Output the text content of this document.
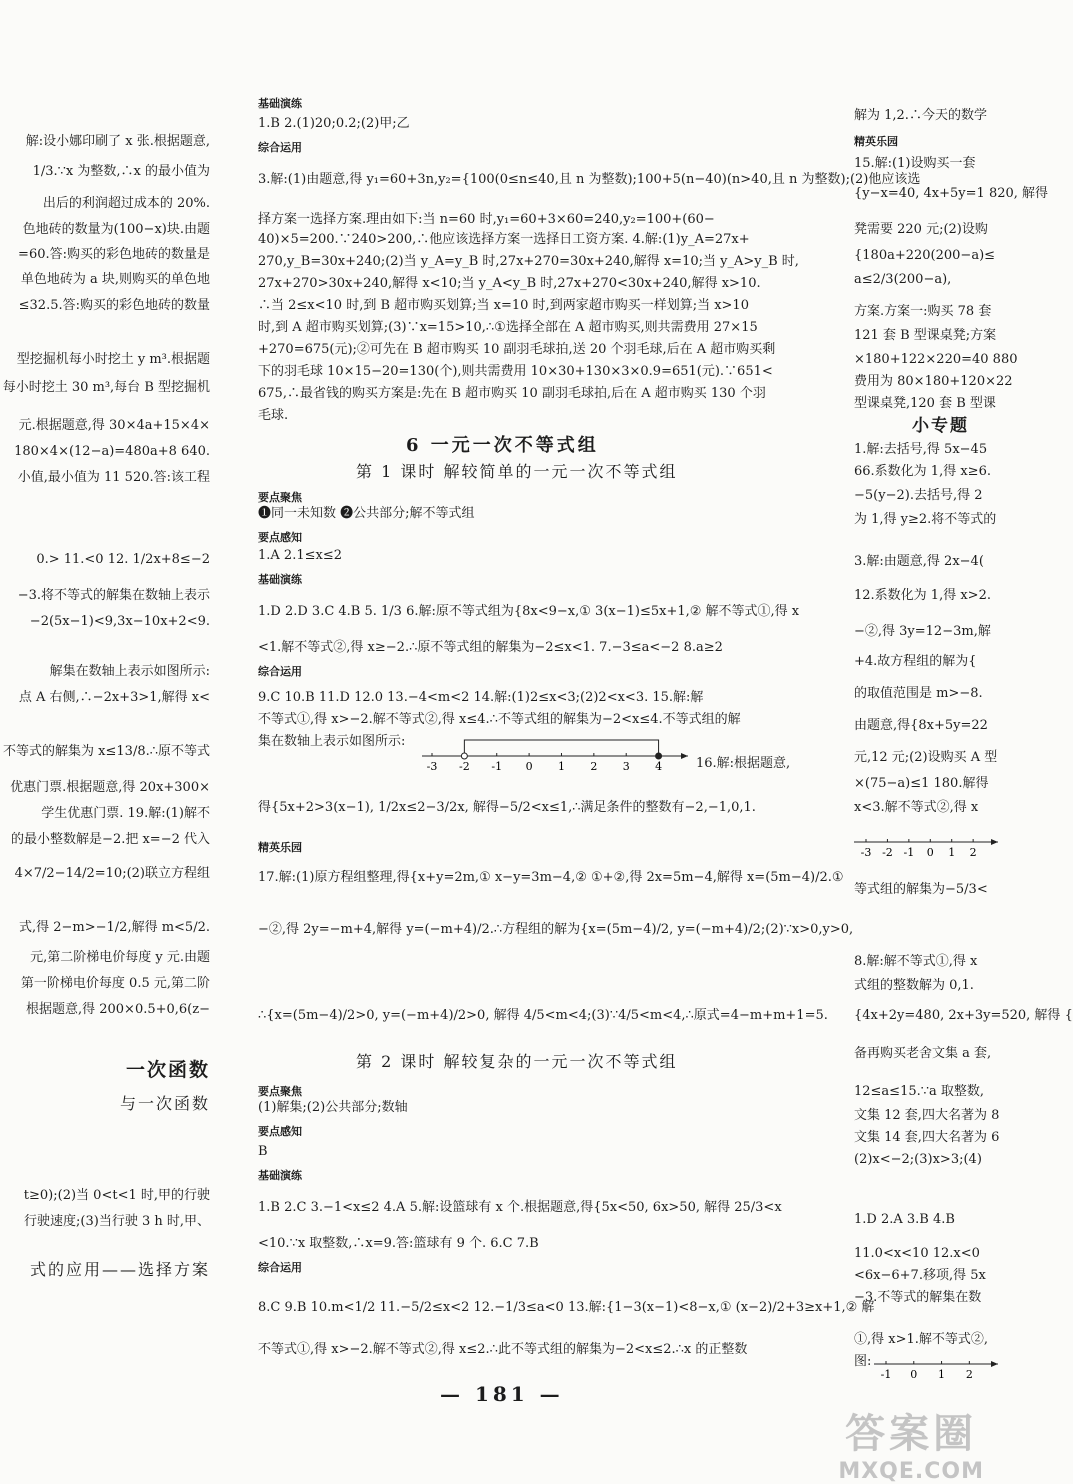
解:设小娜印刷了 x 张.根据题意,
1/3.∵x 为整数,∴x 的最小值为
出后的利润超过成本的 20%.
色地砖的数量为(100−x)块.由题
=60.答:购买的彩色地砖的数量是
单色地砖为 a 块,则购买的单色地
≤32.5.答:购买的彩色地砖的数量
型挖掘机每小时挖土 y m³.根据题
每小时挖土 30 m³,每台 B 型挖掘机
元.根据题意,得 30×4a+15×4×
180×4×(12−a)=480a+8 640.
小值,最小值为 11 520.答:该工程
0.> 11.<0 12. 1/2x+8≤−2
−3.将不等式的解集在数轴上表示
−2(5x−1)<9,3x−10x+2<9.
解集在数轴上表示如图所示:
点 A 右侧,∴−2x+3>1,解得 x<
不等式的解集为 x≤13/8.∴原不等式
优惠门票.根据题意,得 20x+300×
学生优惠门票. 19.解:(1)解不
的最小整数解是−2.把 x=−2 代入
4×7/2−14/2=10;(2)联立方程组
式,得 2−m>−1/2,解得 m<5/2.
元,第二阶梯电价每度 y 元.由题
第一阶梯电价每度 0.5 元,第二阶
根据题意,得 200×0.5+0,6(z−
一次函数
与一次函数
t≥0);(2)当 0<t<1 时,甲的行驶
行驶速度;(3)当行驶 3 h 时,甲、
式的应用——选择方案
基础演练
1.B 2.(1)20;0.2;(2)甲;乙
综合运用
3.解:(1)由题意,得 y₁=60+3n,y₂={100(0≤n≤40,且 n 为整数);100+5(n−40)(n>40,且 n 为整数);(2)他应该选
择方案一选择方案.理由如下:当 n=60 时,y₁=60+3×60=240,y₂=100+(60−
40)×5=200.∵240>200,∴他应该选择方案一选择日工资方案. 4.解:(1)y_A=27x+
270,y_B=30x+240;(2)当 y_A=y_B 时,27x+270=30x+240,解得 x=10;当 y_A>y_B 时,
27x+270>30x+240,解得 x<10;当 y_A<y_B 时,27x+270<30x+240,解得 x>10.
∴当 2≤x<10 时,到 B 超市购买划算;当 x=10 时,到两家超市购买一样划算;当 x>10
时,到 A 超市购买划算;(3)∵x=15>10,∴①选择全部在 A 超市购买,则共需费用 27×15
+270=675(元);②可先在 B 超市购买 10 副羽毛球拍,送 20 个羽毛球,后在 A 超市购买剩
下的羽毛球 10×15−20=130(个),则共需费用 10×30+130×3×0.9=651(元).∵651<
675,∴最省钱的购买方案是:先在 B 超市购买 10 副羽毛球拍,后在 A 超市购买 130 个羽
毛球.
6 一元一次不等式组
第 1 课时 解较简单的一元一次不等式组
要点聚焦
❶同一未知数 ❷公共部分;解不等式组
要点感知
1.A 2.1≤x≤2
基础演练
1.D 2.D 3.C 4.B 5. 1/3 6.解:原不等式组为{8x<9−x,① 3(x−1)≤5x+1,② 解不等式①,得 x
<1.解不等式②,得 x≥−2.∴原不等式组的解集为−2≤x<1. 7.−3≤a<−2 8.a≥2
综合运用
9.C 10.B 11.D 12.0 13.−4<m<2 14.解:(1)2≤x<3;(2)2<x<3. 15.解:解
不等式①,得 x>−2.解不等式②,得 x≤4.∴不等式组的解集为−2<x≤4.不等式组的解
集在数轴上表示如图所示:
-3 -2 -1 0 1 2 3 4	16.解:根据题意,
得{5x+2>3(x−1), 1/2x≤2−3/2x, 解得−5/2<x≤1,∴满足条件的整数有−2,−1,0,1.
精英乐园
17.解:(1)原方程组整理,得{x+y=2m,① x−y=3m−4,② ①+②,得 2x=5m−4,解得 x=(5m−4)/2.①
−②,得 2y=−m+4,解得 y=(−m+4)/2.∴方程组的解为{x=(5m−4)/2, y=(−m+4)/2;(2)∵x>0,y>0,
∴{x=(5m−4)/2>0, y=(−m+4)/2>0, 解得 4/5<m<4;(3)∵4/5<m<4,∴原式=4−m+m+1=5.
第 2 课时 解较复杂的一元一次不等式组
要点聚焦
(1)解集;(2)公共部分;数轴
要点感知
B
基础演练
1.B 2.C 3.−1<x≤2 4.A 5.解:设篮球有 x 个.根据题意,得{5x<50, 6x>50, 解得 25/3<x
<10.∵x 取整数,∴x=9.答:篮球有 9 个. 6.C 7.B
综合运用
8.C 9.B 10.m<1/2 11.−5/2≤x<2 12.−1/3≤a<0 13.解:{1−3(x−1)<8−x,① (x−2)/2+3≥x+1,② 解
不等式①,得 x>−2.解不等式②,得 x≤2.∴此不等式组的解集为−2<x≤2.∴x 的正整数
解为 1,2.∴今天的数学
精英乐园
15.解:(1)设购买一套
{y−x=40, 4x+5y=1 820, 解得
凳需要 220 元;(2)设购
{180a+220(200−a)≤
a≤2/3(200−a),
方案.方案一:购买 78 套
121 套 B 型课桌凳;方案
×180+122×220=40 880
费用为 80×180+120×22
型课桌凳,120 套 B 型课
小专题
1.解:去括号,得 5x−45
66.系数化为 1,得 x≥6.
−5(y−2).去括号,得 2
为 1,得 y≥2.将不等式的
3.解:由题意,得 2x−4(
12.系数化为 1,得 x>2.
−②,得 3y=12−3m,解
+4.故方程组的解为{
的取值范围是 m>−8.
由题意,得{8x+5y=22
元,12 元;(2)设购买 A 型
×(75−a)≤1 180.解得
x<3.解不等式②,得 x
-3 -2 -1 0 1 2
等式组的解集为−5/3<
8.解:解不等式①,得 x
式组的整数解为 0,1.
{4x+2y=480, 2x+3y=520, 解得 {
备再购买老舍文集 a 套,
12≤a≤15.∵a 取整数,
文集 12 套,四大名著为 8
文集 14 套,四大名著为 6
(2)x<−2;(3)x>3;(4)
1.D 2.A 3.B 4.B
11.0<x<10 12.x<0
<6x−6+7.移项,得 5x
−3.不等式的解集在数
①,得 x>1.解不等式②,
图:
-1 0 1 2
— 181 —
答案圈
MXQE.COM
